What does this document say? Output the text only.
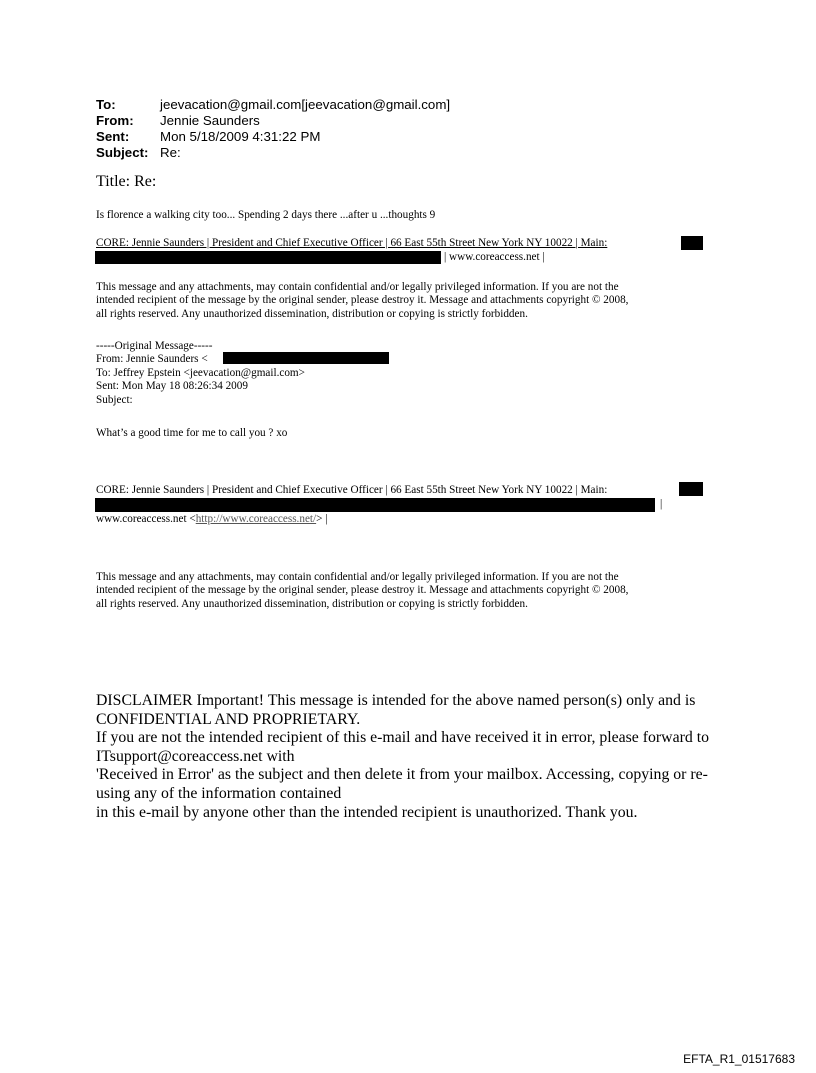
To:	jeevacation@gmail.com[jeevacation@gmail.com]
From:	Jennie Saunders
Sent:	Mon 5/18/2009 4:31:22 PM
Subject: Re:
Title: Re:
Is florence a walking city too... Spending 2 days there ...after u ...thoughts 9
CORE: Jennie Saunders | President and Chief Executive Officer | 66 East 55th Street New York NY 10022 | Main:
| www.coreaccess.net |
This message and any attachments, may contain confidential and/or legally privileged information. If you are not the
intended recipient of the message by the original sender, please destroy it. Message and attachments copyright © 2008,
all rights reserved. Any unauthorized dissemination, distribution or copying is strictly forbidden.
-----Original Message-----
From: Jennie Saunders <
To: Jeffrey Epstein <jeevacation@gmail.com>
Sent: Mon May 18 08:26:34 2009
Subject:
What’s a good time for me to call you ? xo
CORE: Jennie Saunders | President and Chief Executive Officer | 66 East 55th Street New York NY 10022 | Main:
|
www.coreaccess.net <http://www.coreaccess.net/> |
This message and any attachments, may contain confidential and/or legally privileged information. If you are not the
intended recipient of the message by the original sender, please destroy it. Message and attachments copyright © 2008,
all rights reserved. Any unauthorized dissemination, distribution or copying is strictly forbidden.
DISCLAIMER Important! This message is intended for the above named person(s) only and is
CONFIDENTIAL AND PROPRIETARY.
If you are not the intended recipient of this e-mail and have received it in error, please forward to
ITsupport@coreaccess.net with
'Received in Error' as the subject and then delete it from your mailbox. Accessing, copying or re-
using any of the information contained
in this e-mail by anyone other than the intended recipient is unauthorized. Thank you.
EFTA_R1_01517683
